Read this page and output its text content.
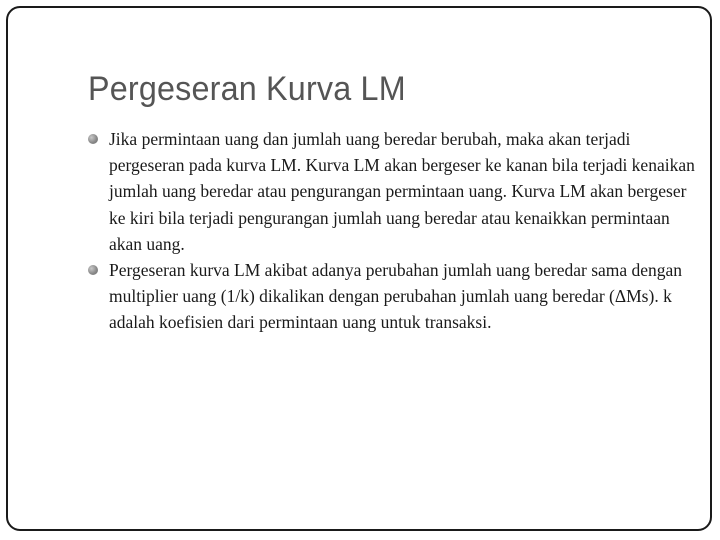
Pergeseran Kurva LM
Jika permintaan uang dan jumlah uang beredar berubah, maka akan terjadi pergeseran pada kurva LM. Kurva LM akan bergeser ke kanan bila terjadi kenaikan jumlah uang beredar atau pengurangan permintaan uang. Kurva LM akan bergeser ke kiri bila terjadi pengurangan jumlah uang beredar atau kenaikkan permintaan akan uang.
Pergeseran kurva LM akibat adanya perubahan jumlah uang beredar sama dengan multiplier uang (1/k) dikalikan dengan perubahan jumlah uang beredar (ΔMs). k adalah koefisien dari permintaan uang untuk transaksi.
